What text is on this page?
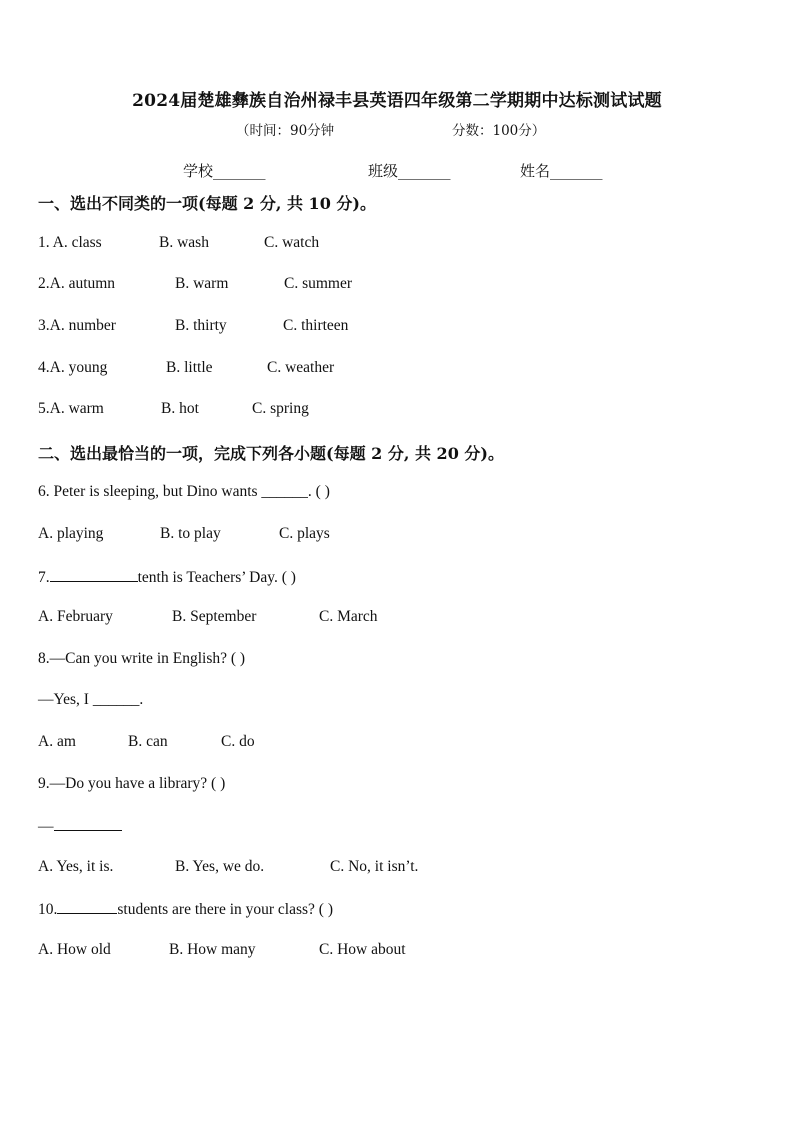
2024届楚雄彝族自治州禄丰县英语四年级第二学期期中达标测试试题
（时间：90分钟	分数：100分）
学校_______	班级_______	姓名_______
一、选出不同类的一项(每题 2 分, 共 10 分)。
1. A. class	B. wash	C. watch
2.A. autumn	B. warm	C. summer
3.A. number	B. thirty	C. thirteen
4.A. young	B. little	C. weather
5.A. warm	B. hot	C. spring
二、选出最恰当的一项，完成下列各小题(每题 2 分, 共 20 分)。
6. Peter is sleeping, but Dino wants ______. ( )
A. playing	B. to play	C. plays
7.	tenth is Teachers’ Day. ( )
A. February	B. September	C. March
8.—Can you write in English? ( )
—Yes, I ______.
A. am	B. can	C. do
9.—Do you have a library? ( )
—
A. Yes, it is.	B. Yes, we do.	C. No, it isn’t.
10.	students are there in your class? ( )
A. How old	B. How many	C. How about
